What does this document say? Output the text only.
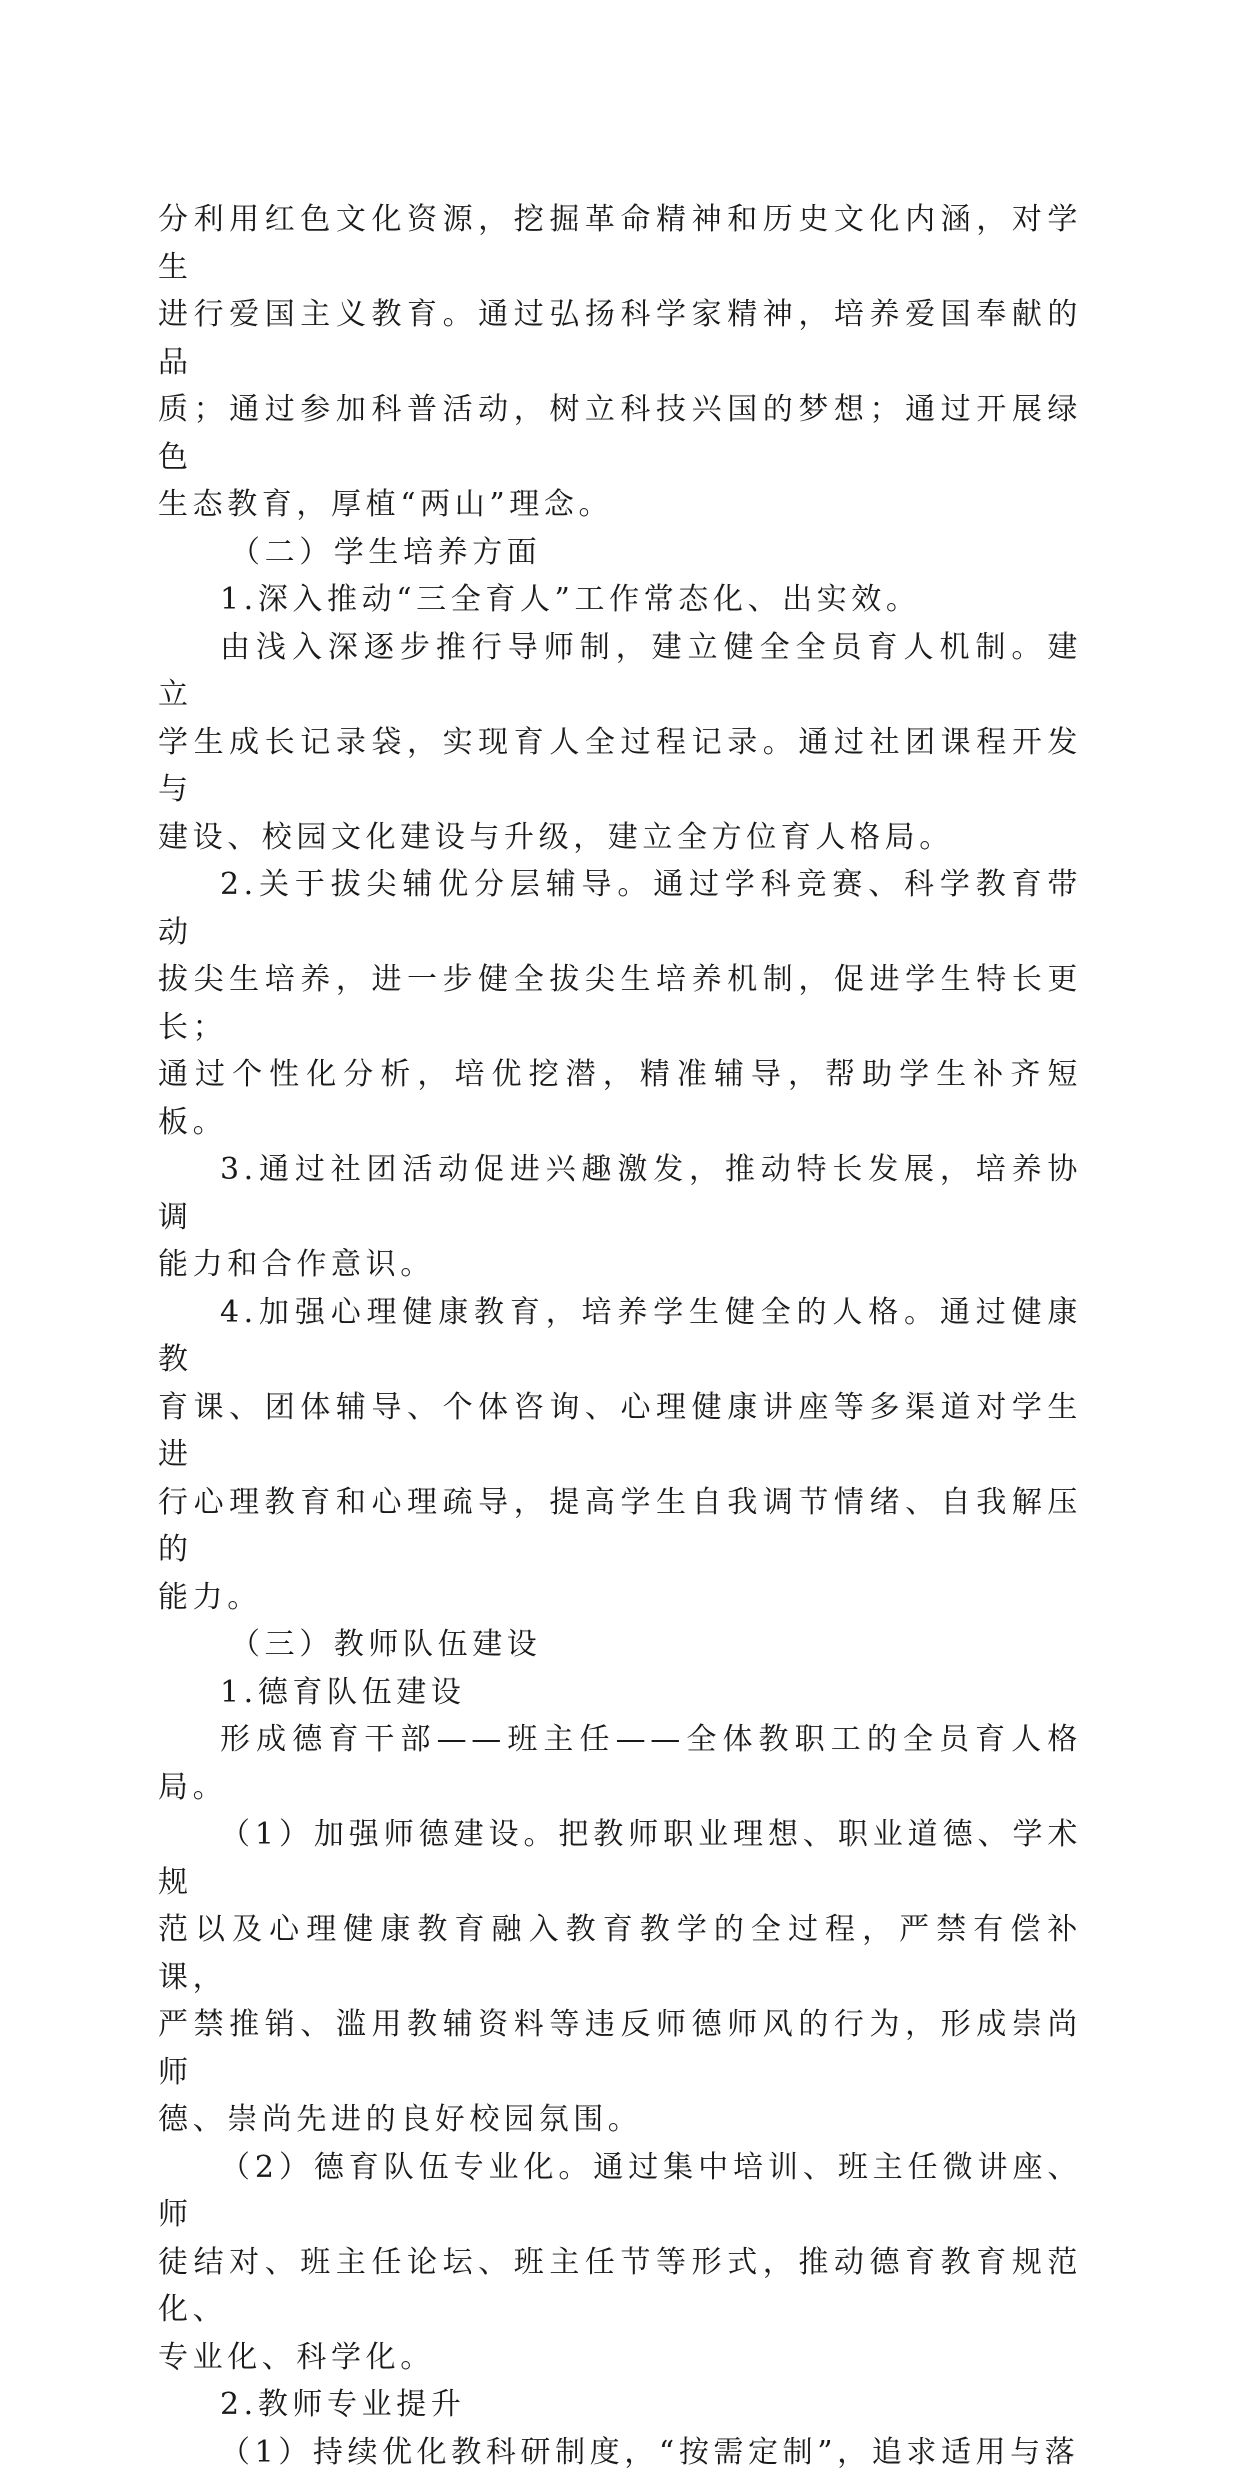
分利用红色文化资源，挖掘革命精神和历史文化内涵，对学生
进行爱国主义教育。通过弘扬科学家精神，培养爱国奉献的品
质；通过参加科普活动，树立科技兴国的梦想；通过开展绿色
生态教育，厚植“两山”理念。
（二）学生培养方面
1.深入推动“三全育人”工作常态化、出实效。
由浅入深逐步推行导师制，建立健全全员育人机制。建立
学生成长记录袋，实现育人全过程记录。通过社团课程开发与
建设、校园文化建设与升级，建立全方位育人格局。
2.关于拔尖辅优分层辅导。通过学科竞赛、科学教育带动
拔尖生培养，进一步健全拔尖生培养机制，促进学生特长更长；
通过个性化分析，培优挖潜，精准辅导，帮助学生补齐短板。
3.通过社团活动促进兴趣激发，推动特长发展，培养协调
能力和合作意识。
4.加强心理健康教育，培养学生健全的人格。通过健康教
育课、团体辅导、个体咨询、心理健康讲座等多渠道对学生进
行心理教育和心理疏导，提高学生自我调节情绪、自我解压的
能力。
（三）教师队伍建设
1.德育队伍建设
形成德育干部——班主任——全体教职工的全员育人格局。
（1）加强师德建设。把教师职业理想、职业道德、学术规
范以及心理健康教育融入教育教学的全过程，严禁有偿补课，
严禁推销、滥用教辅资料等违反师德师风的行为，形成崇尚师
德、崇尚先进的良好校园氛围。
（2）德育队伍专业化。通过集中培训、班主任微讲座、师
徒结对、班主任论坛、班主任节等形式，推动德育教育规范化、
专业化、科学化。
2.教师专业提升
（1）持续优化教科研制度，“按需定制”，追求适用与落
